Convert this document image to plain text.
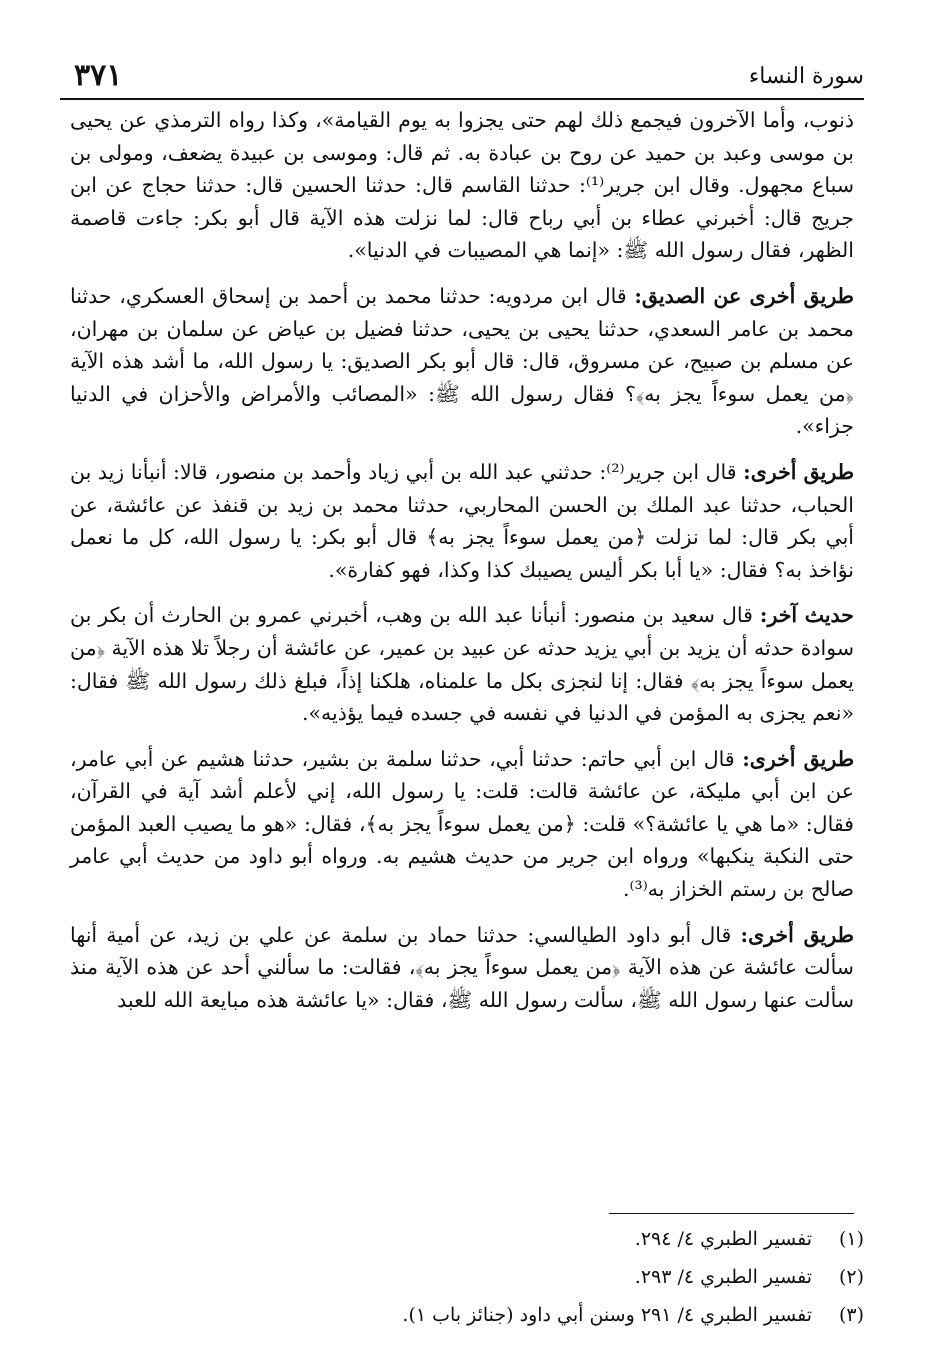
سورة النساء
٣٧١

ذنوب، وأما الآخرون فيجمع ذلك لهم حتى يجزوا به يوم القيامة»، وكذا رواه الترمذي عن يحيى بن موسى وعبد بن حميد عن روح بن عبادة به. ثم قال: وموسى بن عبيدة يضعف، ومولى بن سباع مجهول. وقال ابن جرير⁽¹⁾: حدثنا القاسم قال: حدثنا الحسين قال: حدثنا حجاج عن ابن جريج قال: أخبرني عطاء بن أبي رباح قال: لما نزلت هذه الآية قال أبو بكر: جاءت قاصمة الظهر، فقال رسول الله ﷺ: «إنما هي المصيبات في الدنيا».

طريق أخرى عن الصديق: قال ابن مردويه: حدثنا محمد بن أحمد بن إسحاق العسكري، حدثنا محمد بن عامر السعدي، حدثنا يحيى بن يحيى، حدثنا فضيل بن عياض عن سلمان بن مهران، عن مسلم بن صبيح، عن مسروق، قال: قال أبو بكر الصديق: يا رسول الله، ما أشد هذه الآية ﴿من يعمل سوءاً يجز به﴾؟ فقال رسول الله ﷺ: «المصائب والأمراض والأحزان في الدنيا جزاء».

طريق أخرى: قال ابن جرير⁽²⁾: حدثني عبد الله بن أبي زياد وأحمد بن منصور، قالا: أنبأنا زيد بن الحباب، حدثنا عبد الملك بن الحسن المحاربي، حدثنا محمد بن زيد بن قنفذ عن عائشة، عن أبي بكر قال: لما نزلت ﴿من يعمل سوءاً يجز به﴾ قال أبو بكر: يا رسول الله، كل ما نعمل نؤاخذ به؟ فقال: «يا أبا بكر أليس يصيبك كذا وكذا، فهو كفارة».

حديث آخر: قال سعيد بن منصور: أنبأنا عبد الله بن وهب، أخبرني عمرو بن الحارث أن بكر بن سوادة حدثه أن يزيد بن أبي يزيد حدثه عن عبيد بن عمير، عن عائشة أن رجلاً تلا هذه الآية ﴿من يعمل سوءاً يجز به﴾ فقال: إنا لنجزى بكل ما علمناه، هلكنا إذاً، فبلغ ذلك رسول الله ﷺ فقال: «نعم يجزى به المؤمن في الدنيا في نفسه في جسده فيما يؤذيه».

طريق أخرى: قال ابن أبي حاتم: حدثنا أبي، حدثنا سلمة بن بشير، حدثنا هشيم عن أبي عامر، عن ابن أبي مليكة، عن عائشة قالت: قلت: يا رسول الله، إني لأعلم أشد آية في القرآن، فقال: «ما هي يا عائشة؟» قلت: ﴿من يعمل سوءاً يجز به﴾، فقال: «هو ما يصيب العبد المؤمن حتى النكبة ينكبها» ورواه ابن جرير من حديث هشيم به. ورواه أبو داود من حديث أبي عامر صالح بن رستم الخزاز به⁽³⁾.

طريق أخرى: قال أبو داود الطيالسي: حدثنا حماد بن سلمة عن علي بن زيد، عن أمية أنها سألت عائشة عن هذه الآية ﴿من يعمل سوءاً يجز به﴾، فقالت: ما سألني أحد عن هذه الآية منذ سألت عنها رسول الله ﷺ، سألت رسول الله ﷺ، فقال: «يا عائشة هذه مبايعة الله للعبد

(١)
تفسير الطبري ٤/ ٢٩٤.
(٢)
تفسير الطبري ٤/ ٢٩٣.
(٣)
تفسير الطبري ٤/ ٢٩١ وسنن أبي داود (جنائز باب ١).
